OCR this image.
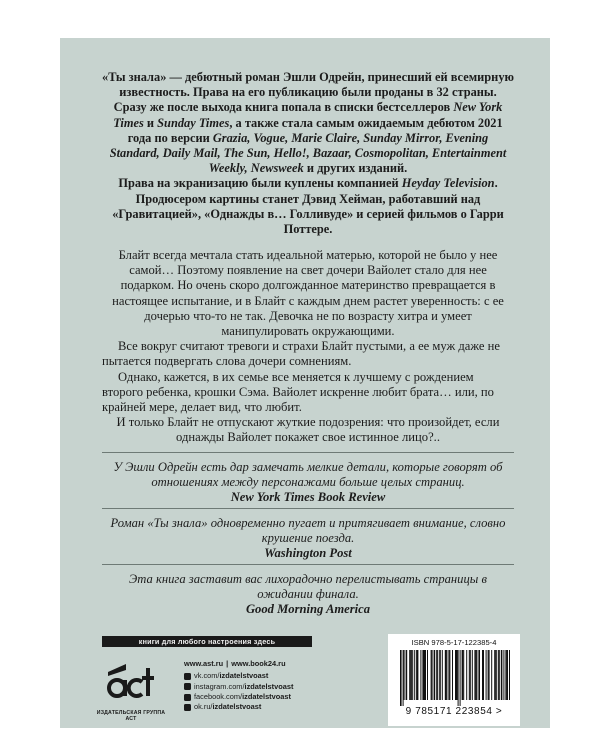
«Ты знала» — дебютный роман Эшли Одрейн, принесший ей всемирную известность. Права на его публикацию были проданы в 32 страны. Сразу же после выхода книга попала в списки бестселлеров New York Times и Sunday Times, а также стала самым ожидаемым дебютом 2021 года по версии Grazia, Vogue, Marie Claire, Sunday Mirror, Evening Standard, Daily Mail, The Sun, Hello!, Bazaar, Cosmopolitan, Entertainment Weekly, Newsweek и других изданий.

Права на экранизацию были куплены компанией Heyday Television. Продюсером картины станет Дэвид Хейман, работавший над «Гравитацией», «Однажды в… Голливуде» и серией фильмов о Гарри Поттере.

Блайт всегда мечтала стать идеальной матерью, которой не было у нее самой… Поэтому появление на свет дочери Вайолет стало для нее подарком. Но очень скоро долгожданное материнство превращается в настоящее испытание, и в Блайт с каждым днем растет уверенность: с ее дочерью что-то не так. Девочка не по возрасту хитра и умеет манипулировать окружающими.

Все вокруг считают тревоги и страхи Блайт пустыми, а ее муж даже не пытается подвергать слова дочери сомнениям.

Однако, кажется, в их семье все меняется к лучшему с рождением второго ребенка, крошки Сэма. Вайолет искренне любит брата… или, по крайней мере, делает вид, что любит.

И только Блайт не отпускают жуткие подозрения: что произойдет, если однажды Вайолет покажет свое истинное лицо?..

У Эшли Одрейн есть дар замечать мелкие детали, которые говорят об отношениях между персонажами больше целых страниц.
New York Times Book Review
Роман «Ты знала» одновременно пугает и притягивает внимание, словно крушение поезда.
Washington Post
Эта книга заставит вас лихорадочно перелистывать страницы в ожидании финала.
Good Morning America
книги для любого настроения здесь
ИЗДАТЕЛЬСКАЯ ГРУППА АСТ
www.ast.ru | www.book24.ru
vk.com/izdatelstvoast
instagram.com/izdatelstvoast
facebook.com/izdatelstvoast
ok.ru/izdatelstvoast
ISBN 978-5-17-122385-4
9 785171 223854 >
